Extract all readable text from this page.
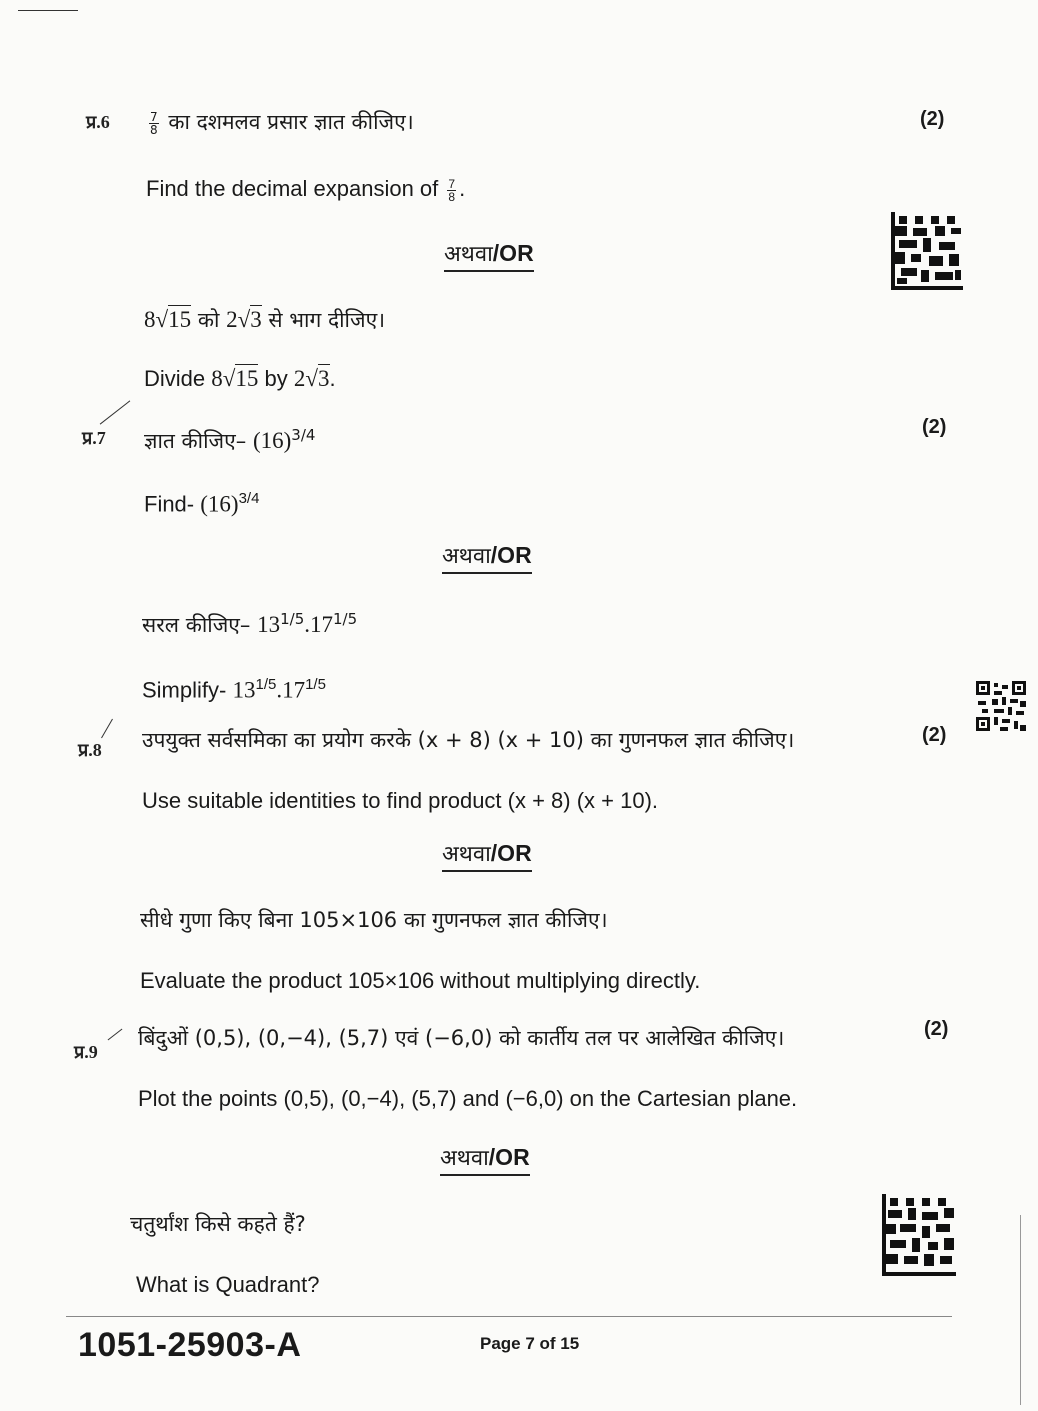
प्र.6	$\frac{7}{8}$ का दशमलव प्रसार ज्ञात कीजिए।	(2)
Find the decimal expansion of $\frac{7}{8}$ .
अथवा/OR
8√15 को 2√3 से भाग दीजिए।
Divide 8√15 by 2√3.
प्र.7 ज्ञात कीजिए– $(16)^{3/4}$	(2)
Find- $(16)^{3/4}$
अथवा/OR
सरल कीजिए– $13^{1/5}.17^{1/5}$
Simplify- $13^{1/5}.17^{1/5}$
प्र.8 उपयुक्त सर्वसमिका का प्रयोग करके (x + 8) (x + 10) का गुणनफल ज्ञात कीजिए।	(2)
Use suitable identities to find product (x + 8) (x + 10).
अथवा/OR
सीधे गुणा किए बिना 105×106 का गुणनफल ज्ञात कीजिए।
Evaluate the product 105×106 without multiplying directly.
प्र.9
बिंदुओं (0,5), (0,−4), (5,7) एवं (−6,0) को कार्तीय तल पर आलेखित कीजिए।	(2)
Plot the points (0,5), (0,−4), (5,7) and (−6,0) on the Cartesian plane.
अथवा/OR
चतुर्थांश किसे कहते हैं?
What is Quadrant?
1051-25903-A	Page 7 of 15
